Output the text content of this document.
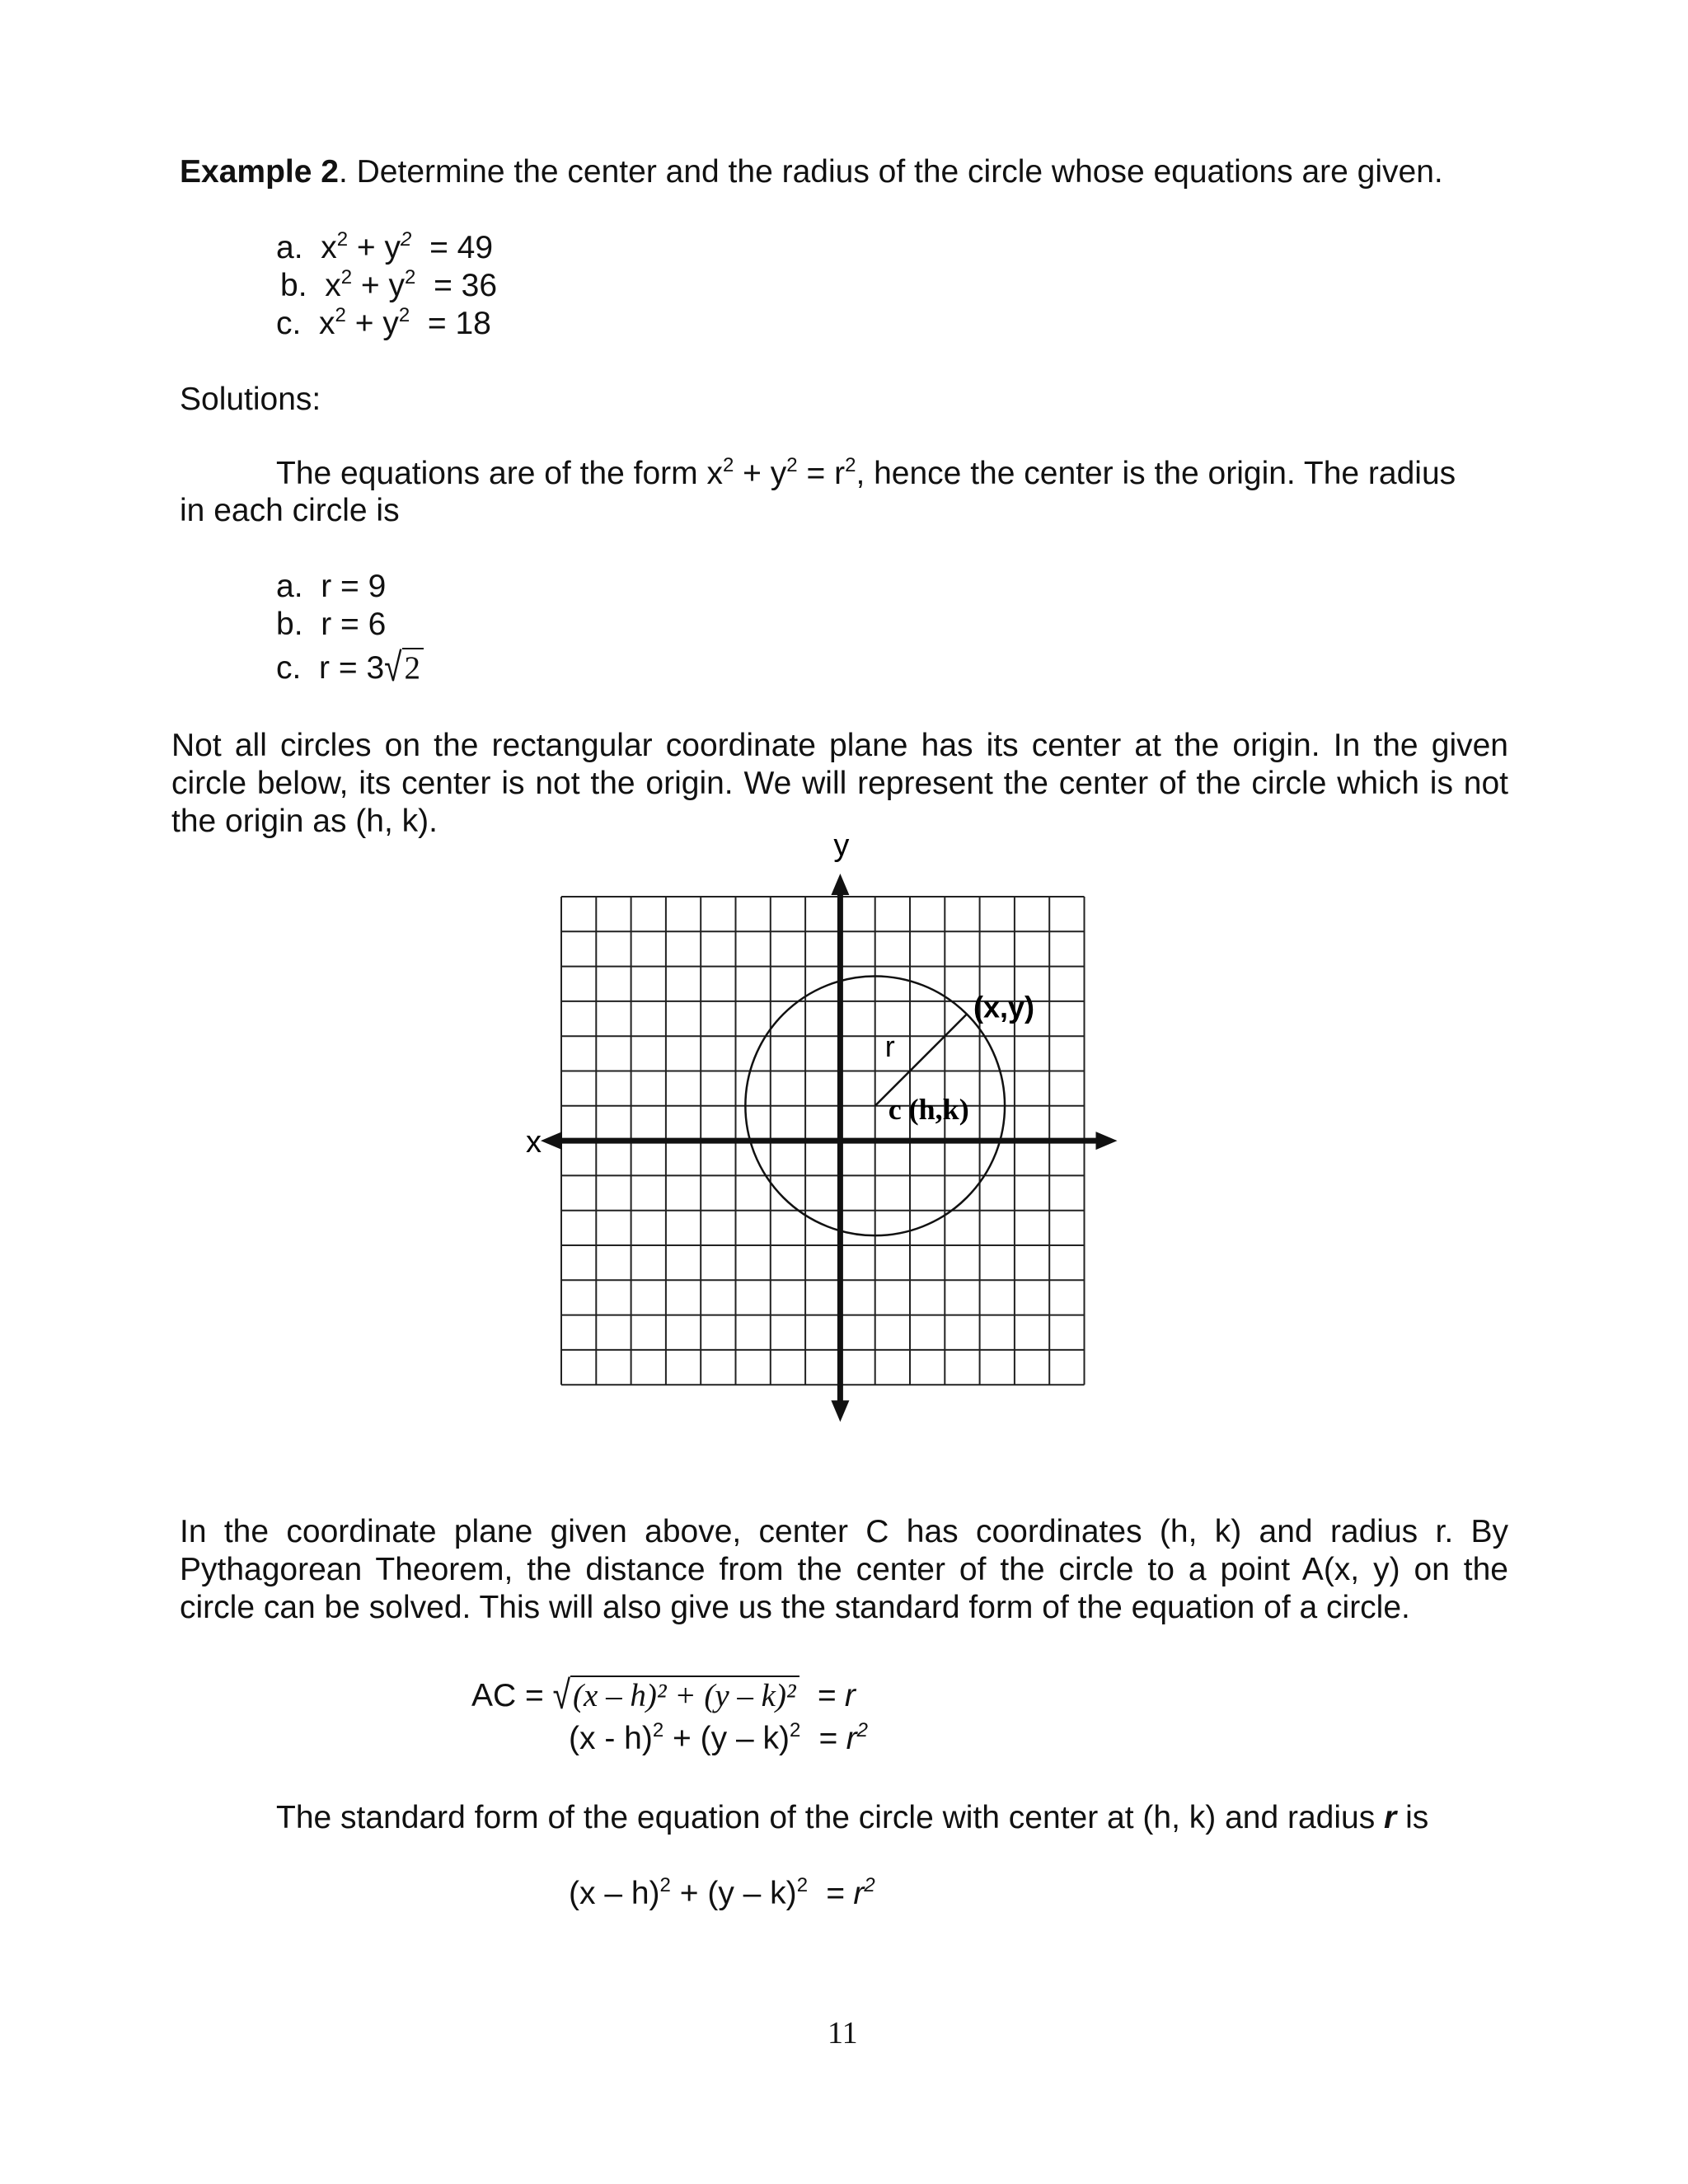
Example 2. Determine the center and the radius of the circle whose equations are given.
a. $x^2 + y^2 = 49$
b. $x^2 + y^2 = 36$
c. $x^2 + y^2 = 18$
Solutions:
The equations are of the form $x^2 + y^2 = r^2$, hence the center is the origin. The radius
in each circle is
a. r = 9
b. r = 6
c. r = 3√2
Not all circles on the rectangular coordinate plane has its center at the origin. In the given circle below, its center is not the origin. We will represent the center of the circle which is not the origin as (h, k).
y
x
(x,y)
r
c (h,k)
In the coordinate plane given above, center C has coordinates (h, k) and radius r. By Pythagorean Theorem, the distance from the center of the circle to a point A(x, y) on the circle can be solved. This will also give us the standard form of the equation of a circle.
AC = √(x – h)² + (y – k)² = r
$(x - h)^2 + (y - k)^2 = r^2$
The standard form of the equation of the circle with center at (h, k) and radius r is
$(x - h)^2 + (y - k)^2 = r^2$
11
